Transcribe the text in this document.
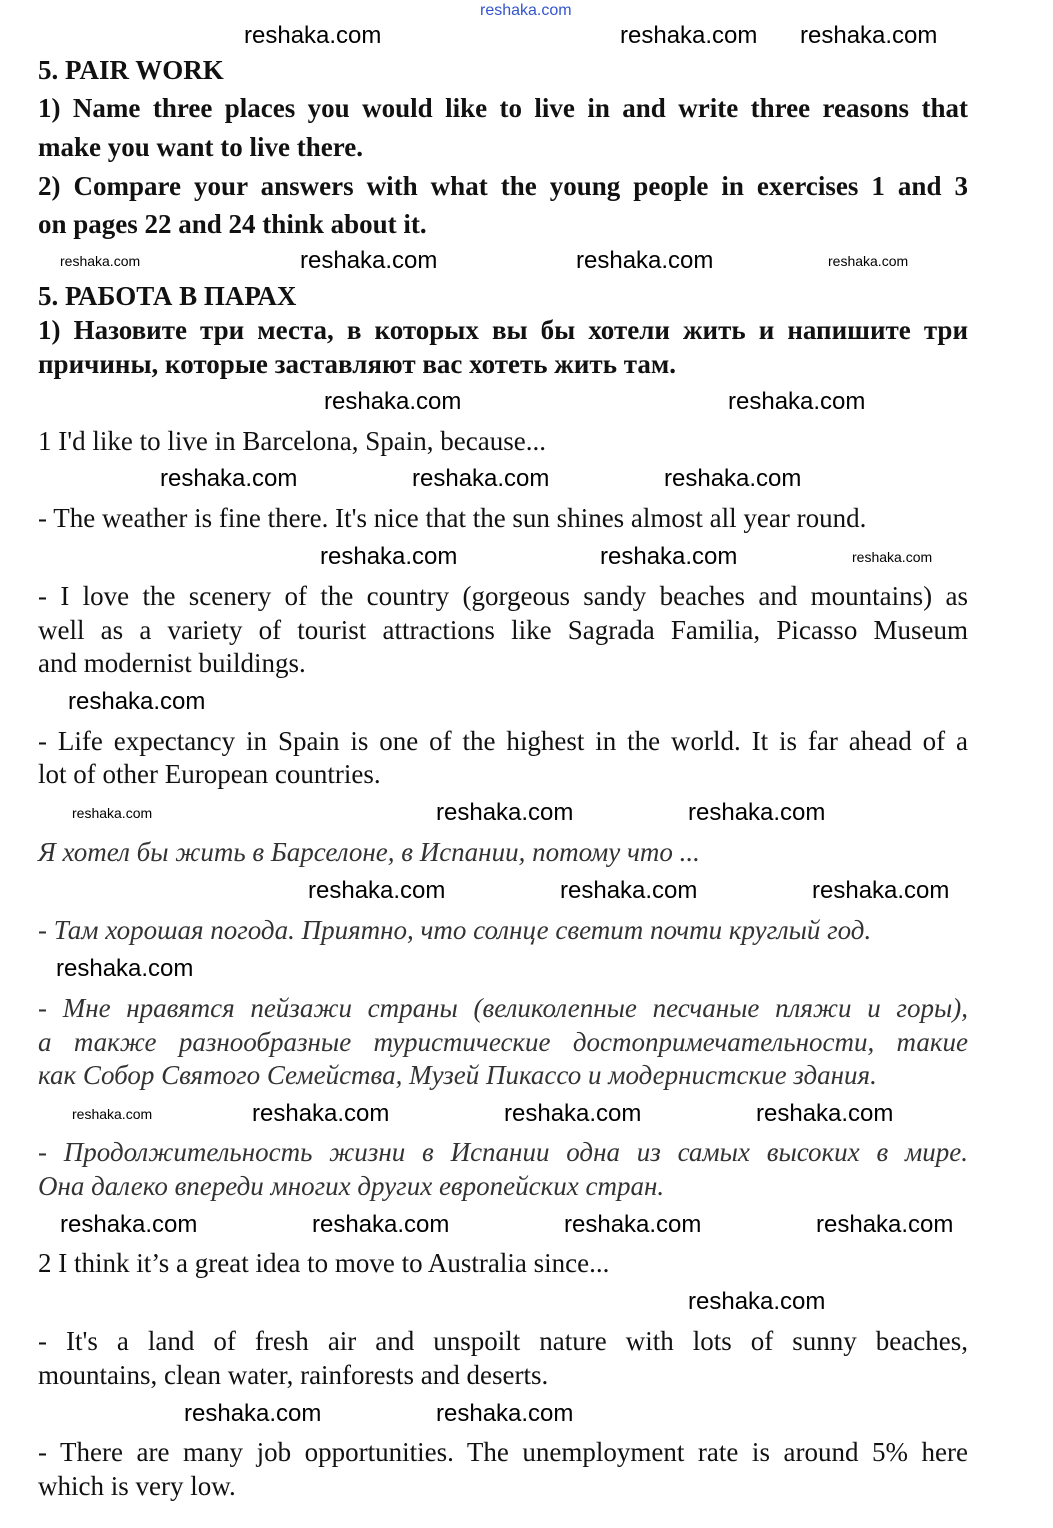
reshaka.com
5. PAIR WORK
1) Name three places you would like to live in and write three reasons that
make you want to live there.
2) Compare your answers with what the young people in exercises 1 and 3
on pages 22 and 24 think about it.
5. РАБОТА В ПАРАХ
1) Назовите три места, в которых вы бы хотели жить и напишите три
причины, которые заставляют вас хотеть жить там.
1 I'd like to live in Barcelona, Spain, because...
- The weather is fine there. It's nice that the sun shines almost all year round.
- I love the scenery of the country (gorgeous sandy beaches and mountains) as
well as a variety of tourist attractions like Sagrada Familia, Picasso Museum
and modernist buildings.
- Life expectancy in Spain is one of the highest in the world. It is far ahead of a
lot of other European countries.
Я хотел бы жить в Барселоне, в Испании, потому что ...
- Там хорошая погода. Приятно, что солнце светит почти круглый год.
- Мне нравятся пейзажи страны (великолепные песчаные пляжи и горы),
а также разнообразные туристические достопримечательности, такие
как Собор Святого Семейства, Музей Пикассо и модернистские здания.
- Продолжительность жизни в Испании одна из самых высоких в мире.
Она далеко впереди многих других европейских стран.
2 I think it’s a great idea to move to Australia since...
- It's a land of fresh air and unspoilt nature with lots of sunny beaches,
mountains, clean water, rainforests and deserts.
- There are many job opportunities. The unemployment rate is around 5% here
which is very low.
reshaka.com	reshaka.com reshaka.com
reshaka.com	reshaka.com	reshaka.com
reshaka.com
reshaka.com	reshaka.com
reshaka.com	reshaka.com	reshaka.com
reshaka.com	reshaka.com	reshaka.com
reshaka.com
reshaka.com	reshaka.com
reshaka.com
reshaka.com	reshaka.com	reshaka.com
reshaka.com
reshaka.com	reshaka.com	reshaka.com	reshaka.com
reshaka.com	reshaka.com	reshaka.com	reshaka.com
reshaka.com
reshaka.com	reshaka.com
